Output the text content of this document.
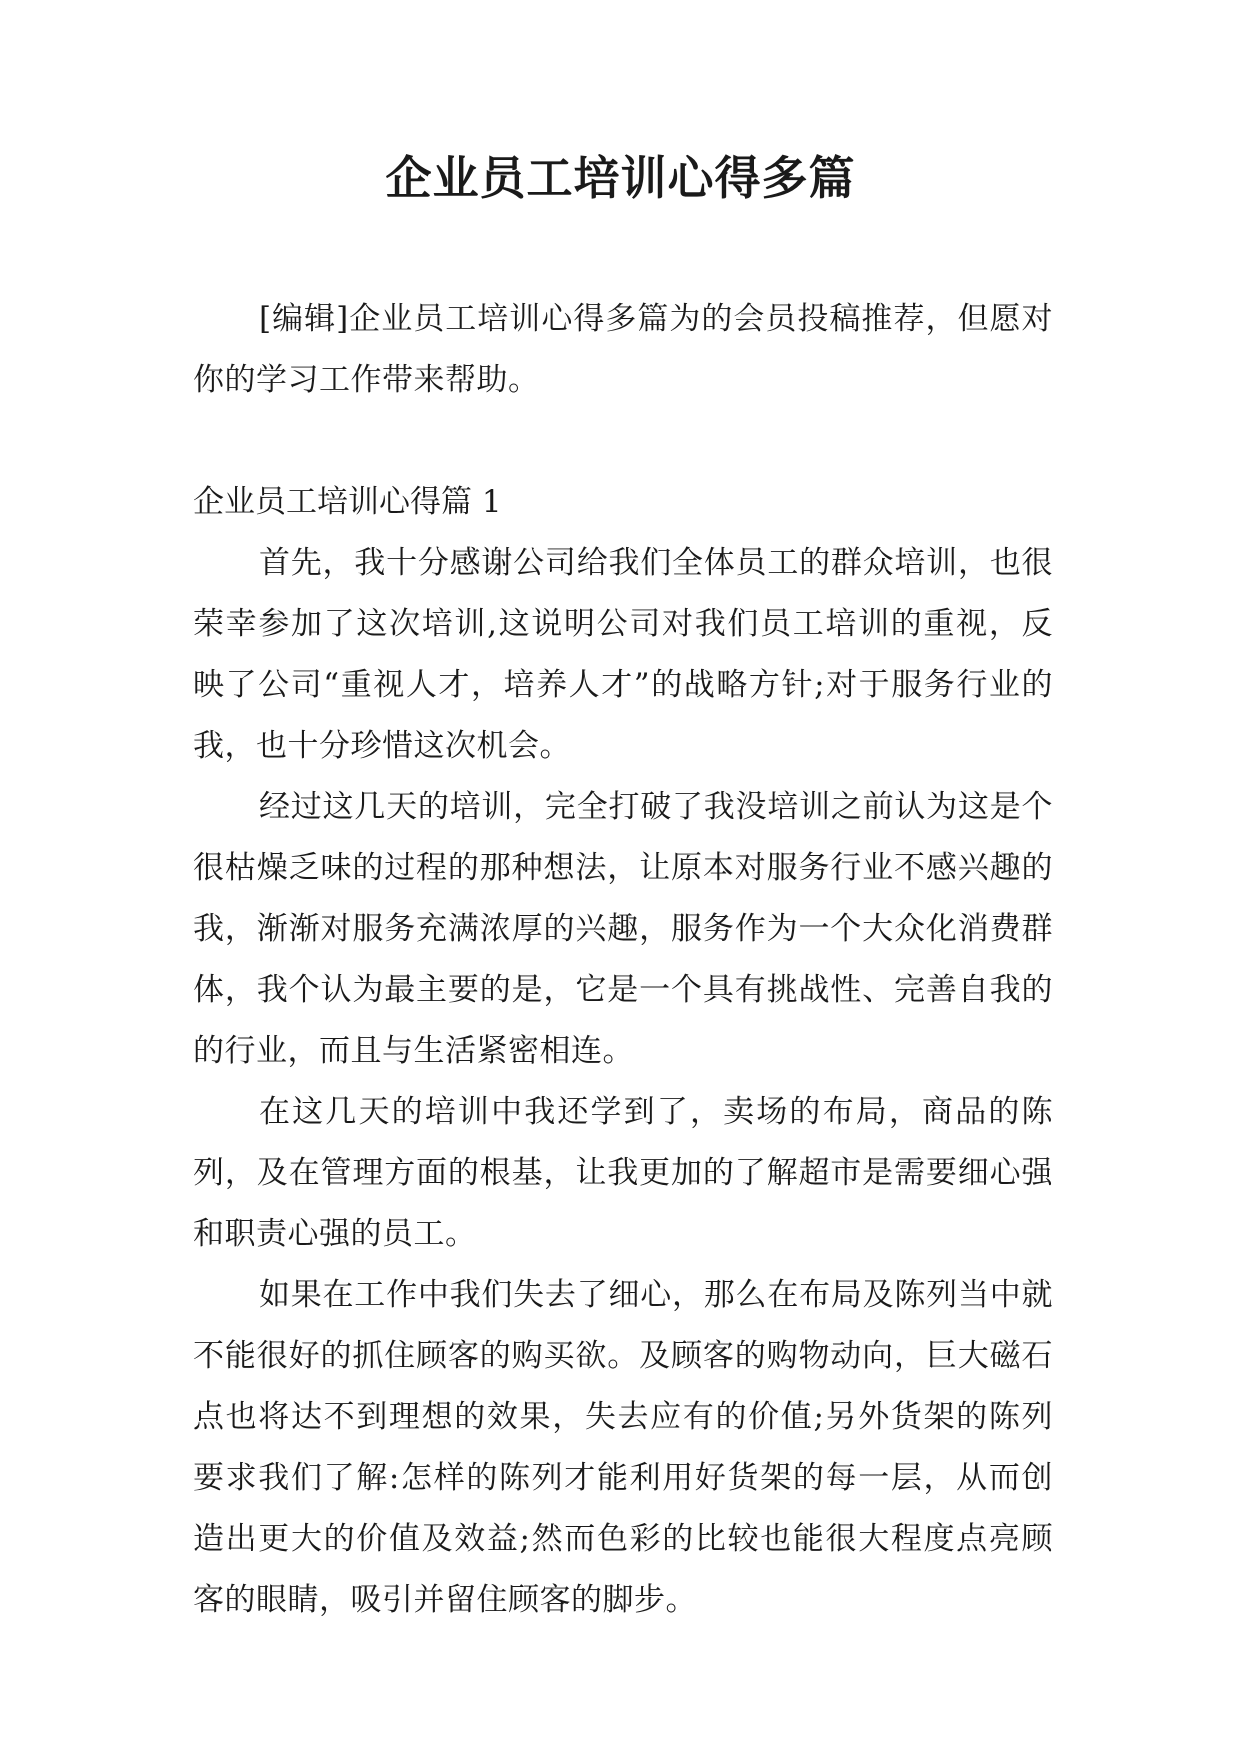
企业员工培训心得多篇

[编辑]企业员工培训心得多篇为的会员投稿推荐，但愿对你的学习工作带来帮助。

企业员工培训心得篇 1

首先，我十分感谢公司给我们全体员工的群众培训，也很荣幸参加了这次培训,这说明公司对我们员工培训的重视，反映了公司“重视人才，培养人才”的战略方针;对于服务行业的我，也十分珍惜这次机会。

经过这几天的培训，完全打破了我没培训之前认为这是个很枯燥乏味的过程的那种想法，让原本对服务行业不感兴趣的我，渐渐对服务充满浓厚的兴趣，服务作为一个大众化消费群体，我个认为最主要的是，它是一个具有挑战性、完善自我的的行业，而且与生活紧密相连。

在这几天的培训中我还学到了，卖场的布局，商品的陈列，及在管理方面的根基，让我更加的了解超市是需要细心强和职责心强的员工。

如果在工作中我们失去了细心，那么在布局及陈列当中就不能很好的抓住顾客的购买欲。及顾客的购物动向，巨大磁石点也将达不到理想的效果，失去应有的价值;另外货架的陈列要求我们了解:怎样的陈列才能利用好货架的每一层，从而创造出更大的价值及效益;然而色彩的比较也能很大程度点亮顾客的眼睛，吸引并留住顾客的脚步。
